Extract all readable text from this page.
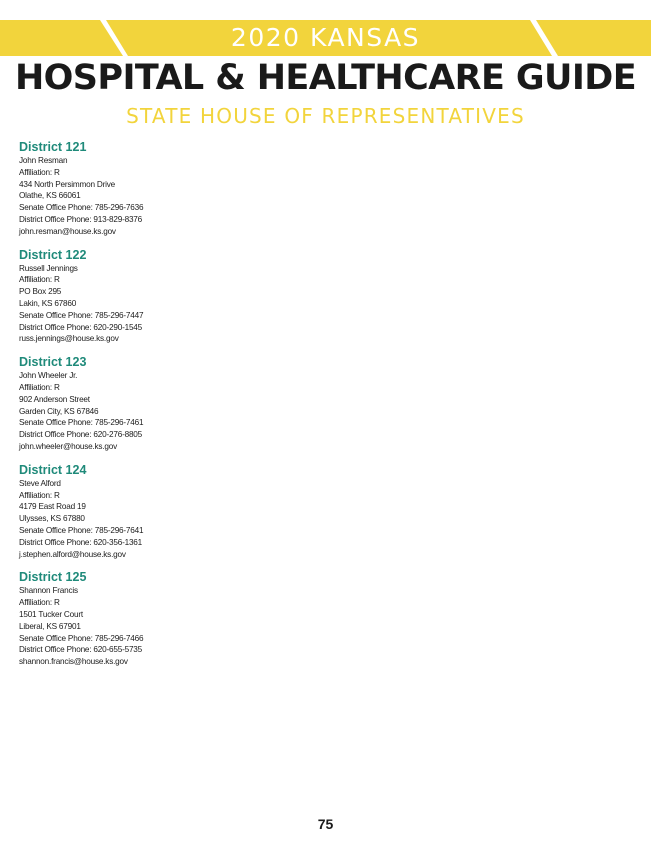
2020 KANSAS
HOSPITAL & HEALTHCARE GUIDE
STATE HOUSE OF REPRESENTATIVES
District 121
John Resman
Affiliation: R
434 North Persimmon Drive
Olathe, KS 66061
Senate Office Phone: 785-296-7636
District Office Phone: 913-829-8376
john.resman@house.ks.gov
District 122
Russell Jennings
Affiliation: R
PO Box 295
Lakin, KS 67860
Senate Office Phone: 785-296-7447
District Office Phone: 620-290-1545
russ.jennings@house.ks.gov
District 123
John Wheeler Jr.
Affiliation: R
902 Anderson Street
Garden City, KS 67846
Senate Office Phone: 785-296-7461
District Office Phone: 620-276-8805
john.wheeler@house.ks.gov
District 124
Steve Alford
Affiliation: R
4179 East Road 19
Ulysses, KS 67880
Senate Office Phone: 785-296-7641
District Office Phone: 620-356-1361
j.stephen.alford@house.ks.gov
District 125
Shannon Francis
Affiliation: R
1501 Tucker Court
Liberal, KS 67901
Senate Office Phone: 785-296-7466
District Office Phone: 620-655-5735
shannon.francis@house.ks.gov
75
